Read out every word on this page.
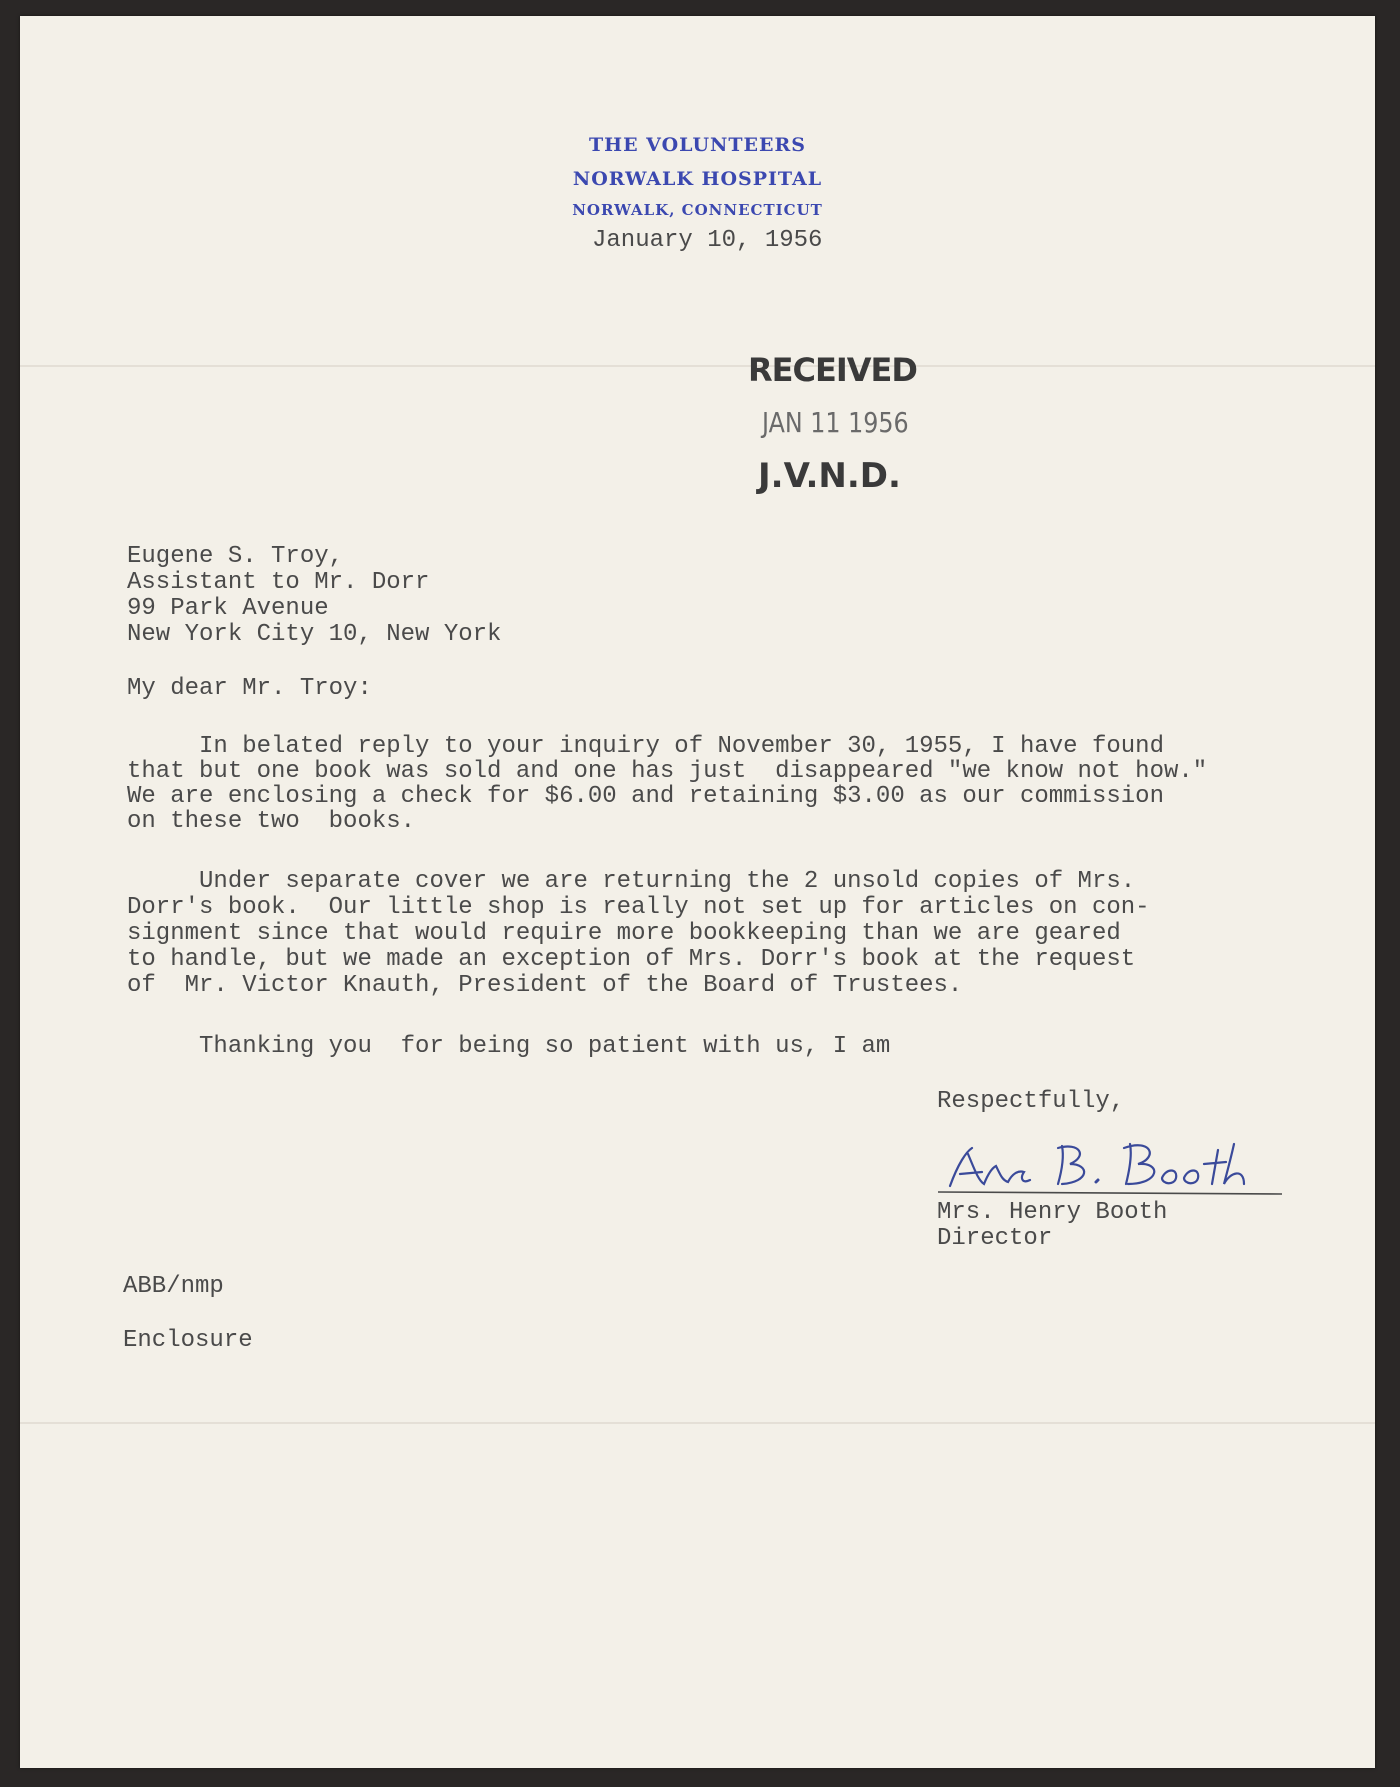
THE VOLUNTEERS
NORWALK HOSPITAL
NORWALK, CONNECTICUT
January 10, 1956
RECEIVED
JAN 11 1956
J.V.N.D.
Eugene S. Troy,
Assistant to Mr. Dorr
99 Park Avenue
New York City 10, New York
My dear Mr. Troy:
In belated reply to your inquiry of November 30, 1955, I have found
that but one book was sold and one has just  disappeared "we know not how."
We are enclosing a check for $6.00 and retaining $3.00 as our commission
on these two  books.
Under separate cover we are returning the 2 unsold copies of Mrs.
Dorr's book.  Our little shop is really not set up for articles on con-
signment since that would require more bookkeeping than we are geared
to handle, but we made an exception of Mrs. Dorr's book at the request
of  Mr. Victor Knauth, President of the Board of Trustees.
Thanking you  for being so patient with us, I am
Respectfully,
Mrs. Henry Booth
Director
ABB/nmp
Enclosure
